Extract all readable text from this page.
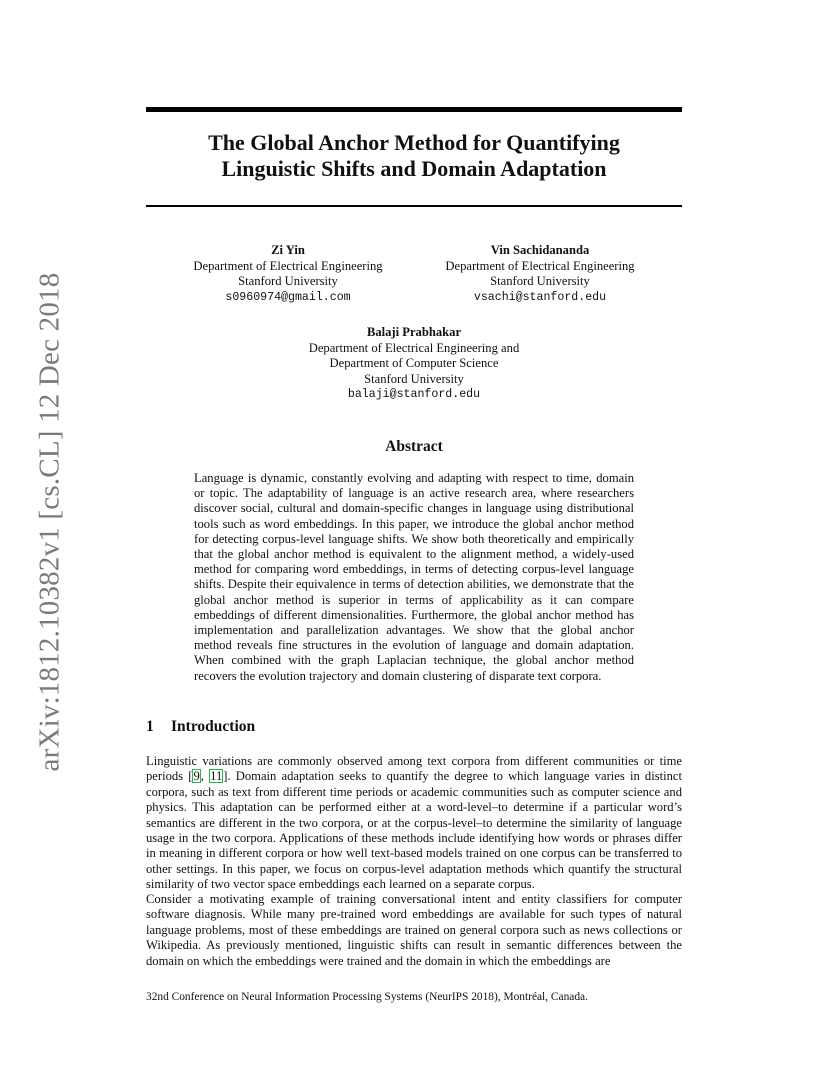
arXiv:1812.10382v1 [cs.CL] 12 Dec 2018
The Global Anchor Method for Quantifying
Linguistic Shifts and Domain Adaptation
Zi Yin
Department of Electrical Engineering
Stanford University
s0960974@gmail.com
Vin Sachidananda
Department of Electrical Engineering
Stanford University
vsachi@stanford.edu
Balaji Prabhakar
Department of Electrical Engineering and
Department of Computer Science
Stanford University
balaji@stanford.edu
Abstract
Language is dynamic, constantly evolving and adapting with respect to time, domain or topic. The adaptability of language is an active research area, where researchers discover social, cultural and domain-specific changes in language using distributional tools such as word embeddings. In this paper, we introduce the global anchor method for detecting corpus-level language shifts. We show both theoretically and empirically that the global anchor method is equivalent to the alignment method, a widely-used method for comparing word embeddings, in terms of detecting corpus-level language shifts. Despite their equivalence in terms of detection abilities, we demonstrate that the global anchor method is superior in terms of applicability as it can compare embeddings of different dimensionalities. Furthermore, the global anchor method has implementation and parallelization advantages. We show that the global anchor method reveals fine structures in the evolution of language and domain adaptation. When combined with the graph Laplacian technique, the global anchor method recovers the evolution trajectory and domain clustering of disparate text corpora.
1 Introduction

Linguistic variations are commonly observed among text corpora from different communities or time periods [9, 11]. Domain adaptation seeks to quantify the degree to which language varies in distinct corpora, such as text from different time periods or academic communities such as computer science and physics. This adaptation can be performed either at a word-level–to determine if a particular word’s semantics are different in the two corpora, or at the corpus-level–to determine the similarity of language usage in the two corpora. Applications of these methods include identifying how words or phrases differ in meaning in different corpora or how well text-based models trained on one corpus can be transferred to other settings. In this paper, we focus on corpus-level adaptation methods which quantify the structural similarity of two vector space embeddings each learned on a separate corpus.

Consider a motivating example of training conversational intent and entity classifiers for computer software diagnosis. While many pre-trained word embeddings are available for such types of natural language problems, most of these embeddings are trained on general corpora such as news collections or Wikipedia. As previously mentioned, linguistic shifts can result in semantic differences between the domain on which the embeddings were trained and the domain in which the embeddings are

32nd Conference on Neural Information Processing Systems (NeurIPS 2018), Montréal, Canada.
